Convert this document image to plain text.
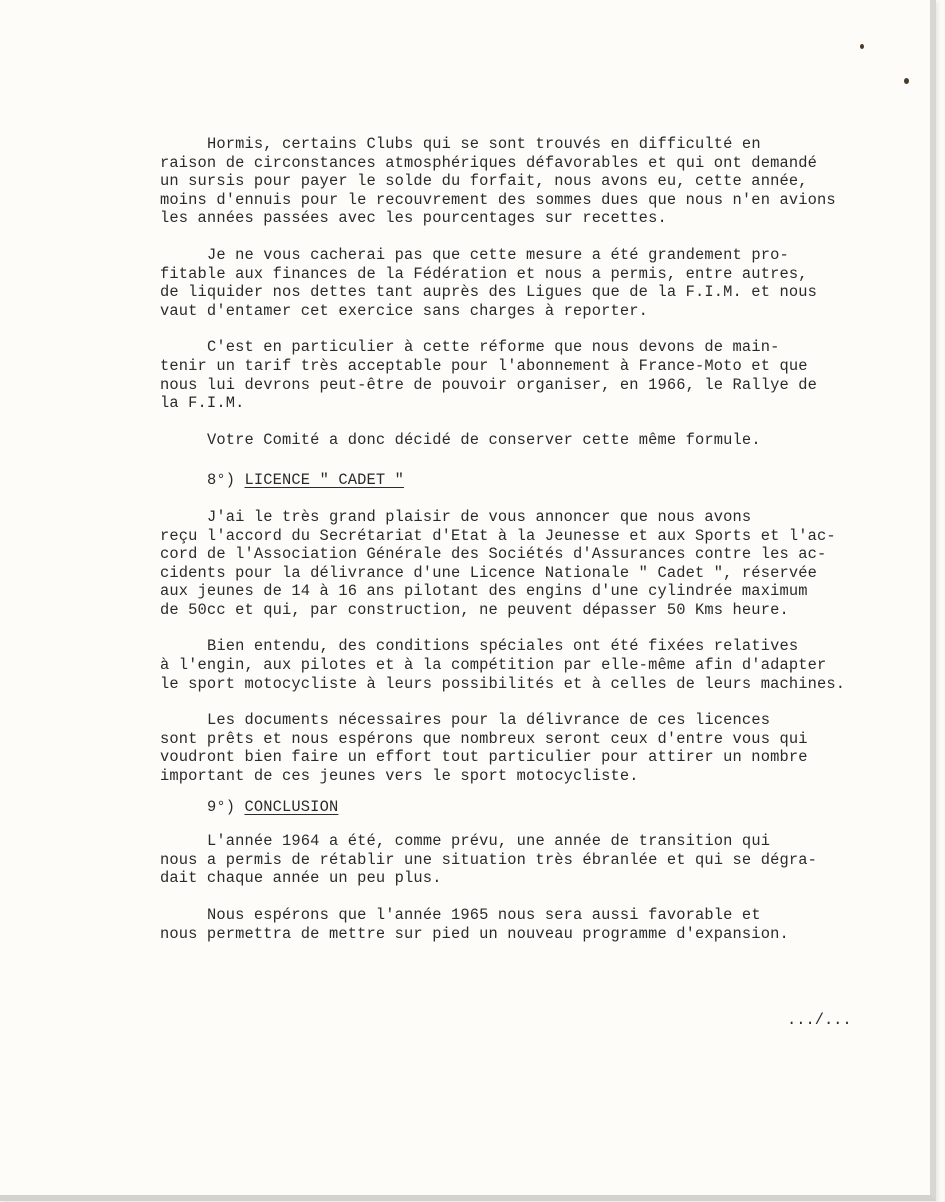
Hormis, certains Clubs qui se sont trouvés en difficulté en
raison de circonstances atmosphériques défavorables et qui ont demandé
un sursis pour payer le solde du forfait, nous avons eu, cette année,
moins d'ennuis pour le recouvrement des sommes dues que nous n'en avions
les années passées avec les pourcentages sur recettes.

Je ne vous cacherai pas que cette mesure a été grandement pro-
fitable aux finances de la Fédération et nous a permis, entre autres,
de liquider nos dettes tant auprès des Ligues que de la F.I.M. et nous
vaut d'entamer cet exercice sans charges à reporter.

C'est en particulier à cette réforme que nous devons de main-
tenir un tarif très acceptable pour l'abonnement à France-Moto et que
nous lui devrons peut-être de pouvoir organiser, en 1966, le Rallye de
la F.I.M.

Votre Comité a donc décidé de conserver cette même formule.

8°) LICENCE " CADET "

J'ai le très grand plaisir de vous annoncer que nous avons
reçu l'accord du Secrétariat d'Etat à la Jeunesse et aux Sports et l'ac-
cord de l'Association Générale des Sociétés d'Assurances contre les ac-
cidents pour la délivrance d'une Licence Nationale " Cadet ", réservée
aux jeunes de 14 à 16 ans pilotant des engins d'une cylindrée maximum
de 50cc et qui, par construction, ne peuvent dépasser 50 Kms heure.

Bien entendu, des conditions spéciales ont été fixées relatives
à l'engin, aux pilotes et à la compétition par elle-même afin d'adapter
le sport motocycliste à leurs possibilités et à celles de leurs machines.

Les documents nécessaires pour la délivrance de ces licences
sont prêts et nous espérons que nombreux seront ceux d'entre vous qui
voudront bien faire un effort tout particulier pour attirer un nombre
important de ces jeunes vers le sport motocycliste.

9°) CONCLUSION

L'année 1964 a été, comme prévu, une année de transition qui
nous a permis de rétablir une situation très ébranlée et qui se dégra-
dait chaque année un peu plus.

Nous espérons que l'année 1965 nous sera aussi favorable et
nous permettra de mettre sur pied un nouveau programme d'expansion.

.../...
